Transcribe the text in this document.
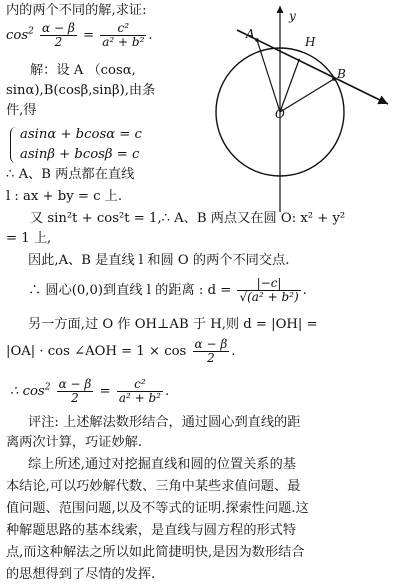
内的两个不同的解,求证:
$\cos^2 \frac{\alpha - \beta}{2} = \frac{\text{c²}}{\text{a² + b²}}$ .
解：设 A （cosα,
sinα),B(cosβ,sinβ),由条
件,得
asinα + bcosα = c
asinβ + bcosβ = c
∴ A、B 两点都在直线
l : ax + by = c 上.
又 sin²t + cos²t = 1,∴ A、B 两点又在圆 O: x² + y²
= 1 上,
因此,A、B 是直线 l 和圆 O 的两个不同交点.
∴ 圆心(0,0)到直线 l 的距离 : $d = \frac{|-c|}{\text{√(a² + b²)}}$ .
另一方面,过 O 作 OH⊥AB 于 H,则 d = |OH| =
|OA| · cos ∠AOH = $1 \times \cos \frac{\alpha - \beta}{2}$ .
∴ $\cos^2 \frac{\alpha - \beta}{2} = \frac{\text{c²}}{\text{a² + b²}}$ .
评注: 上述解法数形结合，通过圆心到直线的距
离两次计算，巧证妙解.
综上所述,通过对挖掘直线和圆的位置关系的基
本结论,可以巧妙解代数、三角中某些求值问题、最
值问题、范围问题,以及不等式的证明.探索性问题.这
种解题思路的基本线索，是直线与圆方程的形式特
点,而这种解法之所以如此简捷明快,是因为数形结合
的思想得到了尽情的发挥.
y
A
H
B
O
